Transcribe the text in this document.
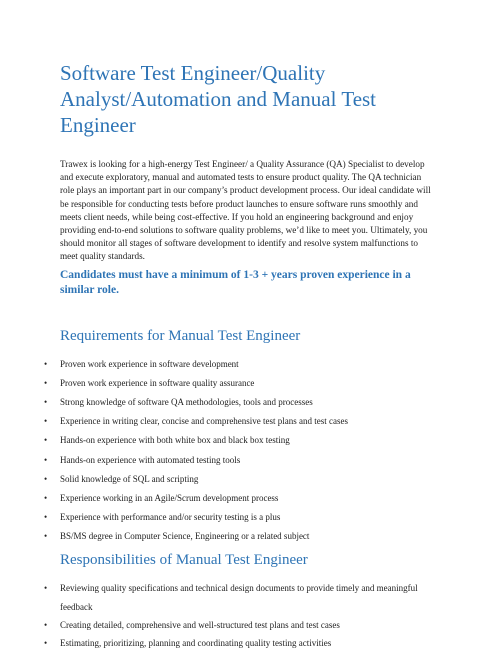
Software Test Engineer/Quality Analyst/Automation and Manual Test Engineer

Trawex is looking for a high-energy Test Engineer/ a Quality Assurance (QA) Specialist to develop and execute exploratory, manual and automated tests to ensure product quality. The QA technician role plays an important part in our company’s product development process. Our ideal candidate will be responsible for conducting tests before product launches to ensure software runs smoothly and meets client needs, while being cost-effective. If you hold an engineering background and enjoy providing end-to-end solutions to software quality problems, we’d like to meet you. Ultimately, you should monitor all stages of software development to identify and resolve system malfunctions to meet quality standards.

Candidates must have a minimum of 1-3 + years proven experience in a similar role.

Requirements for Manual Test Engineer
• Proven work experience in software development
• Proven work experience in software quality assurance
• Strong knowledge of software QA methodologies, tools and processes
• Experience in writing clear, concise and comprehensive test plans and test cases
• Hands-on experience with both white box and black box testing
• Hands-on experience with automated testing tools
• Solid knowledge of SQL and scripting
• Experience working in an Agile/Scrum development process
• Experience with performance and/or security testing is a plus
• BS/MS degree in Computer Science, Engineering or a related subject
Responsibilities of Manual Test Engineer
• Reviewing quality specifications and technical design documents to provide timely and meaningful
feedback
• Creating detailed, comprehensive and well-structured test plans and test cases
• Estimating, prioritizing, planning and coordinating quality testing activities
